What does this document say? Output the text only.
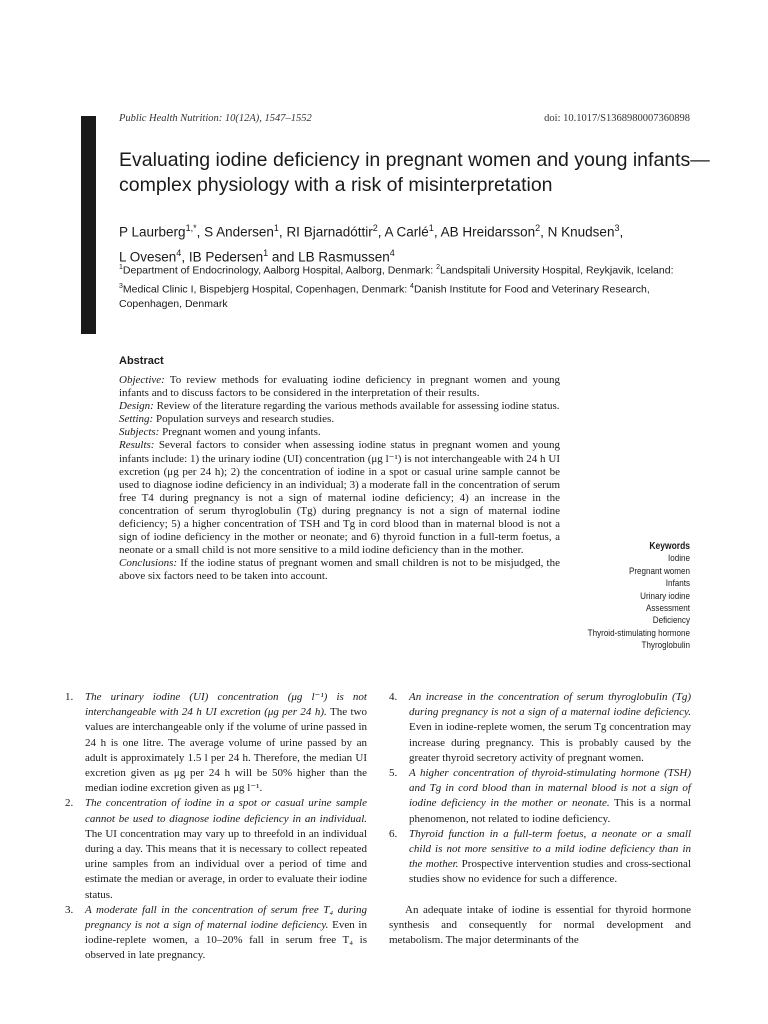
Public Health Nutrition: 10(12A), 1547–1552	doi: 10.1017/S1368980007360898
Evaluating iodine deficiency in pregnant women and young infants—complex physiology with a risk of misinterpretation
P Laurberg$^{1,*}$, S Andersen$^1$, RI Bjarnadóttir$^2$, A Carlé$^1$, AB Hreidarsson$^2$, N Knudsen$^3$,
L Ovesen$^4$, IB Pedersen$^1$ and LB Rasmussen$^4$
$^1$Department of Endocrinology, Aalborg Hospital, Aalborg, Denmark: $^2$Landspitali University Hospital, Reykjavik, Iceland: $^3$Medical Clinic I, Bispebjerg Hospital, Copenhagen, Denmark: $^4$Danish Institute for Food and Veterinary Research, Copenhagen, Denmark
Abstract

Objective: To review methods for evaluating iodine deficiency in pregnant women and young infants and to discuss factors to be considered in the interpretation of their results.

Design: Review of the literature regarding the various methods available for assessing iodine status.

Setting: Population surveys and research studies.

Subjects: Pregnant women and young infants.

Results: Several factors to consider when assessing iodine status in pregnant women and young infants include: 1) the urinary iodine (UI) concentration (μg l⁻¹) is not interchangeable with 24 h UI excretion (μg per 24 h); 2) the concentration of iodine in a spot or casual urine sample cannot be used to diagnose iodine deficiency in an individual; 3) a moderate fall in the concentration of serum free T4 during pregnancy is not a sign of maternal iodine deficiency; 4) an increase in the concentration of serum thyroglobulin (Tg) during pregnancy is not a sign of maternal iodine deficiency; 5) a higher concentration of TSH and Tg in cord blood than in maternal blood is not a sign of iodine deficiency in the mother or neonate; and 6) thyroid function in a full-term foetus, a neonate or a small child is not more sensitive to a mild iodine deficiency than in the mother.

Conclusions: If the iodine status of pregnant women and small children is not to be misjudged, the above six factors need to be taken into account.

Keywords
Iodine
Pregnant women
Infants
Urinary iodine
Assessment
Deficiency
Thyroid-stimulating hormone
Thyroglobulin
1.	The urinary iodine (UI) concentration (μg l⁻¹) is not interchangeable with 24 h UI excretion (μg per 24 h). The two values are interchangeable only if the volume of urine passed in 24 h is one litre. The average volume of urine passed by an adult is approximately 1.5 l per 24 h. Therefore, the median UI excretion given as μg per 24 h will be 50% higher than the median iodine excretion given as μg l⁻¹.
2.	The concentration of iodine in a spot or casual urine sample cannot be used to diagnose iodine deficiency in an individual. The UI concentration may vary up to threefold in an individual during a day. This means that it is necessary to collect repeated urine samples from an individual over a period of time and estimate the median or average, in order to evaluate their iodine status.
3.	A moderate fall in the concentration of serum free T₄ during pregnancy is not a sign of maternal iodine deficiency. Even in iodine-replete women, a 10–20% fall in serum free T₄ is observed in late pregnancy.
4.	An increase in the concentration of serum thyroglobulin (Tg) during pregnancy is not a sign of a maternal iodine deficiency. Even in iodine-replete women, the serum Tg concentration may increase during pregnancy. This is probably caused by the greater thyroid secretory activity of pregnant women.
5.	A higher concentration of thyroid-stimulating hormone (TSH) and Tg in cord blood than in maternal blood is not a sign of iodine deficiency in the mother or neonate. This is a normal phenomenon, not related to iodine deficiency.
6.	Thyroid function in a full-term foetus, a neonate or a small child is not more sensitive to a mild iodine deficiency than in the mother. Prospective intervention studies and cross-sectional studies show no evidence for such a difference.

An adequate intake of iodine is essential for thyroid hormone synthesis and consequently for normal development and metabolism. The major determinants of the
